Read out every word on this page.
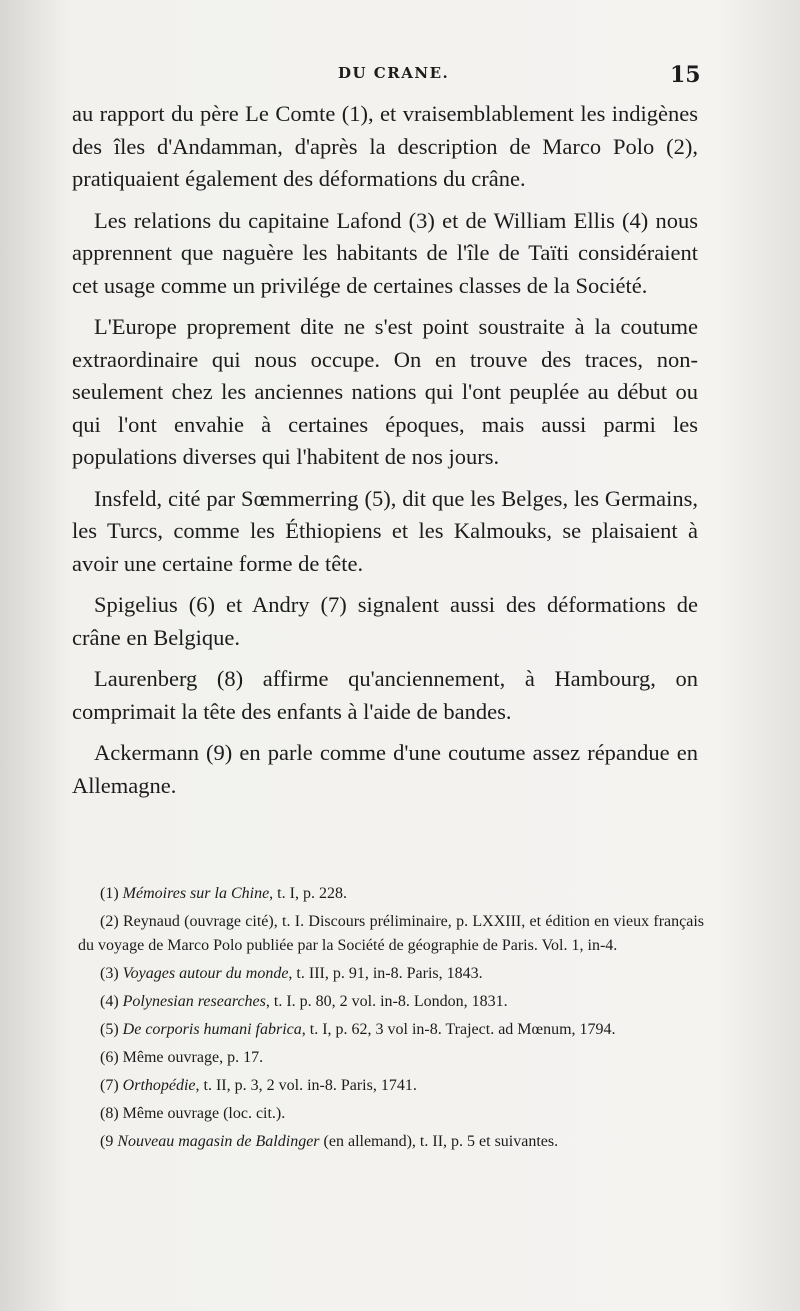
DU CRANE.	15

au rapport du père Le Comte (1), et vraisemblablement les indigènes des îles d'Andamman, d'après la description de Marco Polo (2), pratiquaient également des déformations du crâne.

Les relations du capitaine Lafond (3) et de William Ellis (4) nous apprennent que naguère les habitants de l'île de Taïti considéraient cet usage comme un privilége de certaines classes de la Société.

L'Europe proprement dite ne s'est point soustraite à la coutume extraordinaire qui nous occupe. On en trouve des traces, non-seulement chez les anciennes nations qui l'ont peuplée au début ou qui l'ont envahie à certaines époques, mais aussi parmi les populations diverses qui l'habitent de nos jours.

Insfeld, cité par Sœmmerring (5), dit que les Belges, les Germains, les Turcs, comme les Éthiopiens et les Kalmouks, se plaisaient à avoir une certaine forme de tête.

Spigelius (6) et Andry (7) signalent aussi des déformations de crâne en Belgique.

Laurenberg (8) affirme qu'anciennement, à Hambourg, on comprimait la tête des enfants à l'aide de bandes.

Ackermann (9) en parle comme d'une coutume assez répandue en Allemagne.

(1) Mémoires sur la Chine, t. I, p. 228.

(2) Reynaud (ouvrage cité), t. I. Discours préliminaire, p. LXXIII, et édition en vieux français du voyage de Marco Polo publiée par la Société de géographie de Paris. Vol. 1, in-4.

(3) Voyages autour du monde, t. III, p. 91, in-8. Paris, 1843.

(4) Polynesian researches, t. I. p. 80, 2 vol. in-8. London, 1831.

(5) De corporis humani fabrica, t. I, p. 62, 3 vol in-8. Traject. ad Mœnum, 1794.

(6) Même ouvrage, p. 17.

(7) Orthopédie, t. II, p. 3, 2 vol. in-8. Paris, 1741.

(8) Même ouvrage (loc. cit.).

(9 Nouveau magasin de Baldinger (en allemand), t. II, p. 5 et suivantes.
